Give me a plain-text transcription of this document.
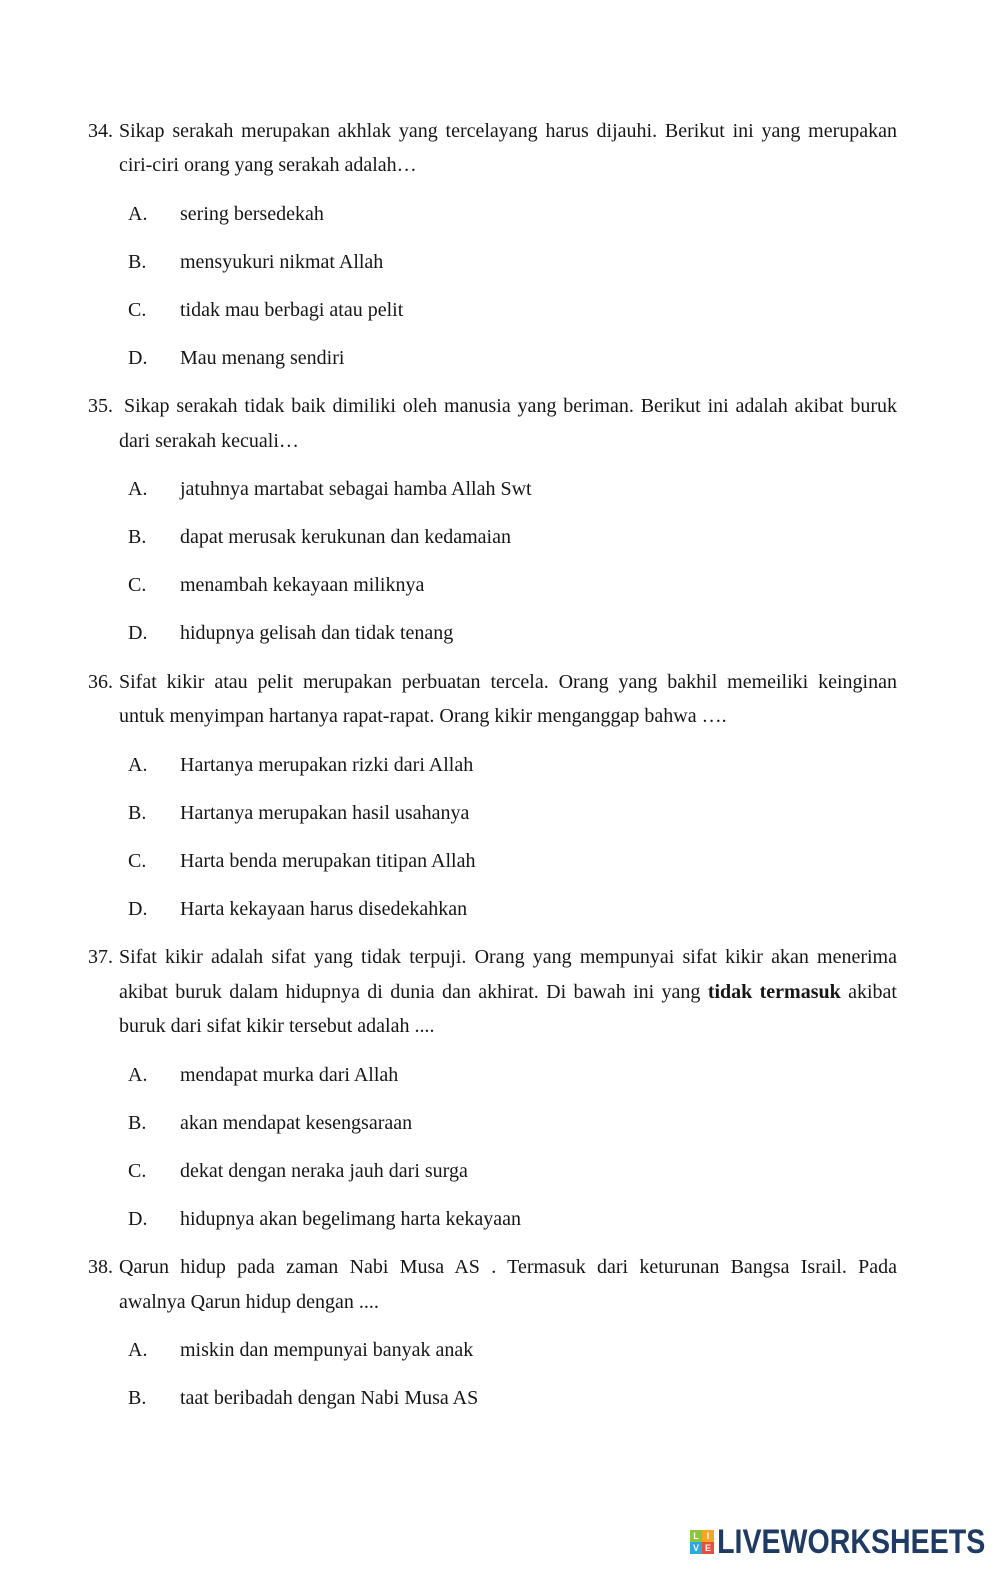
34. Sikap serakah merupakan akhlak yang tercelayang harus dijauhi. Berikut ini yang merupakan
ciri-ciri orang yang serakah adalah…
A. sering bersedekah
B. mensyukuri nikmat Allah
C. tidak mau berbagi atau pelit
D. Mau menang sendiri
35. Sikap serakah tidak baik dimiliki oleh manusia yang beriman. Berikut ini adalah akibat buruk
dari serakah kecuali…
A. jatuhnya martabat sebagai hamba Allah Swt
B. dapat merusak kerukunan dan kedamaian
C. menambah kekayaan miliknya
D. hidupnya gelisah dan tidak tenang
36. Sifat kikir atau pelit merupakan perbuatan tercela. Orang yang bakhil memeiliki keinginan
untuk menyimpan hartanya rapat-rapat. Orang kikir menganggap bahwa ….
A. Hartanya merupakan rizki dari Allah
B. Hartanya merupakan hasil usahanya
C. Harta benda merupakan titipan Allah
D. Harta kekayaan harus disedekahkan
37. Sifat kikir adalah sifat yang tidak terpuji. Orang yang mempunyai sifat kikir akan menerima
akibat buruk dalam hidupnya di dunia dan akhirat. Di bawah ini yang tidak termasuk akibat
buruk dari sifat kikir tersebut adalah ....
A. mendapat murka dari Allah
B. akan mendapat kesengsaraan
C. dekat dengan neraka jauh dari surga
D. hidupnya akan begelimang harta kekayaan
38. Qarun hidup pada zaman Nabi Musa AS . Termasuk dari keturunan Bangsa Israil. Pada
awalnya Qarun hidup dengan ....
A. miskin dan mempunyai banyak anak
B. taat beribadah dengan Nabi Musa AS
L I
V E LIVEWORKSHEETS
